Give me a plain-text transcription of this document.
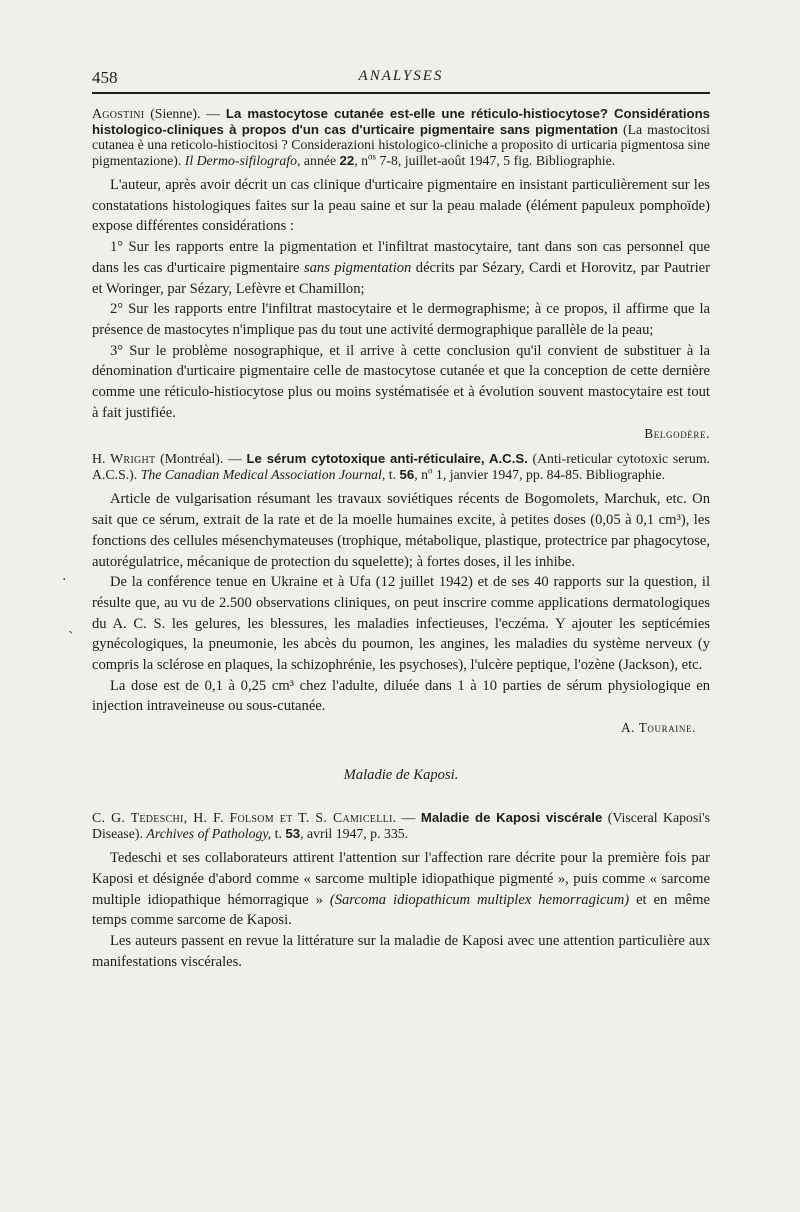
458	ANALYSES
Agostini (Sienne). — La mastocytose cutanée est-elle une réticulo-histiocytose? Considérations histologico-cliniques à propos d'un cas d'urticaire pigmentaire sans pigmentation (La mastocitosi cutanea è una reticolo-histiocitosi ? Considerazioni histologico-cliniche a proposito di urticaria pigmentosa sine pigmentazione). Il Dermo-sifilografo, année 22, $n^{os}$ 7-8, juillet-août 1947, 5 fig. Bibliographie.

L'auteur, après avoir décrit un cas clinique d'urticaire pigmentaire en insistant particulièrement sur les constatations histologiques faites sur la peau saine et sur la peau malade (élément papuleux pomphoïde) expose différentes considérations :

1° Sur les rapports entre la pigmentation et l'infiltrat mastocytaire, tant dans son cas personnel que dans les cas d'urticaire pigmentaire sans pigmentation décrits par Sézary, Cardi et Horovitz, par Pautrier et Woringer, par Sézary, Lefèvre et Chamillon;

2° Sur les rapports entre l'infiltrat mastocytaire et le dermographisme; à ce propos, il affirme que la présence de mastocytes n'implique pas du tout une activité dermographique parallèle de la peau;

3° Sur le problème nosographique, et il arrive à cette conclusion qu'il convient de substituer à la dénomination d'urticaire pigmentaire celle de mastocytose cutanée et que la conception de cette dernière comme une réticulo-histiocytose plus ou moins systématisée et à évolution souvent mastocytaire est tout à fait justifiée.

Belgodère.
H. Wright (Montréal). — Le sérum cytotoxique anti-réticulaire, A.C.S. (Anti-reticular cytotoxic serum. A.C.S.). The Canadian Medical Association Journal, t. 56, $n^o$ 1, janvier 1947, pp. 84-85. Bibliographie.

Article de vulgarisation résumant les travaux soviétiques récents de Bogomolets, Marchuk, etc. On sait que ce sérum, extrait de la rate et de la moelle humaines excite, à petites doses (0,05 à 0,1 cm³), les fonctions des cellules mésenchymateuses (trophique, métabolique, plastique, protectrice par phagocytose, autorégulatrice, mécanique de protection du squelette); à fortes doses, il les inhibe.

De la conférence tenue en Ukraine et à Ufa (12 juillet 1942) et de ses 40 rapports sur la question, il résulte que, au vu de 2.500 observations cliniques, on peut inscrire comme applications dermatologiques du A. C. S. les gelures, les blessures, les maladies infectieuses, l'eczéma. Y ajouter les septicémies gynécologiques, la pneumonie, les abcès du poumon, les angines, les maladies du système nerveux (y compris la sclérose en plaques, la schizophrénie, les psychoses), l'ulcère peptique, l'ozène (Jackson), etc.

La dose est de 0,1 à 0,25 cm³ chez l'adulte, diluée dans 1 à 10 parties de sérum physiologique en injection intraveineuse ou sous-cutanée.

A. Touraine.
Maladie de Kaposi.
C. G. Tedeschi, H. F. Folsom et T. S. Camicelli. — Maladie de Kaposi viscérale (Visceral Kaposi's Disease). Archives of Pathology, t. 53, avril 1947, p. 335.

Tedeschi et ses collaborateurs attirent l'attention sur l'affection rare décrite pour la première fois par Kaposi et désignée d'abord comme « sarcome multiple idiopathique pigmenté », puis comme « sarcome multiple idiopathique hémorragique » (Sarcoma idiopathicum multiplex hemorragicum) et en même temps comme sarcome de Kaposi.

Les auteurs passent en revue la littérature sur la maladie de Kaposi avec une attention particulière aux manifestations viscérales.

·
ˎ
